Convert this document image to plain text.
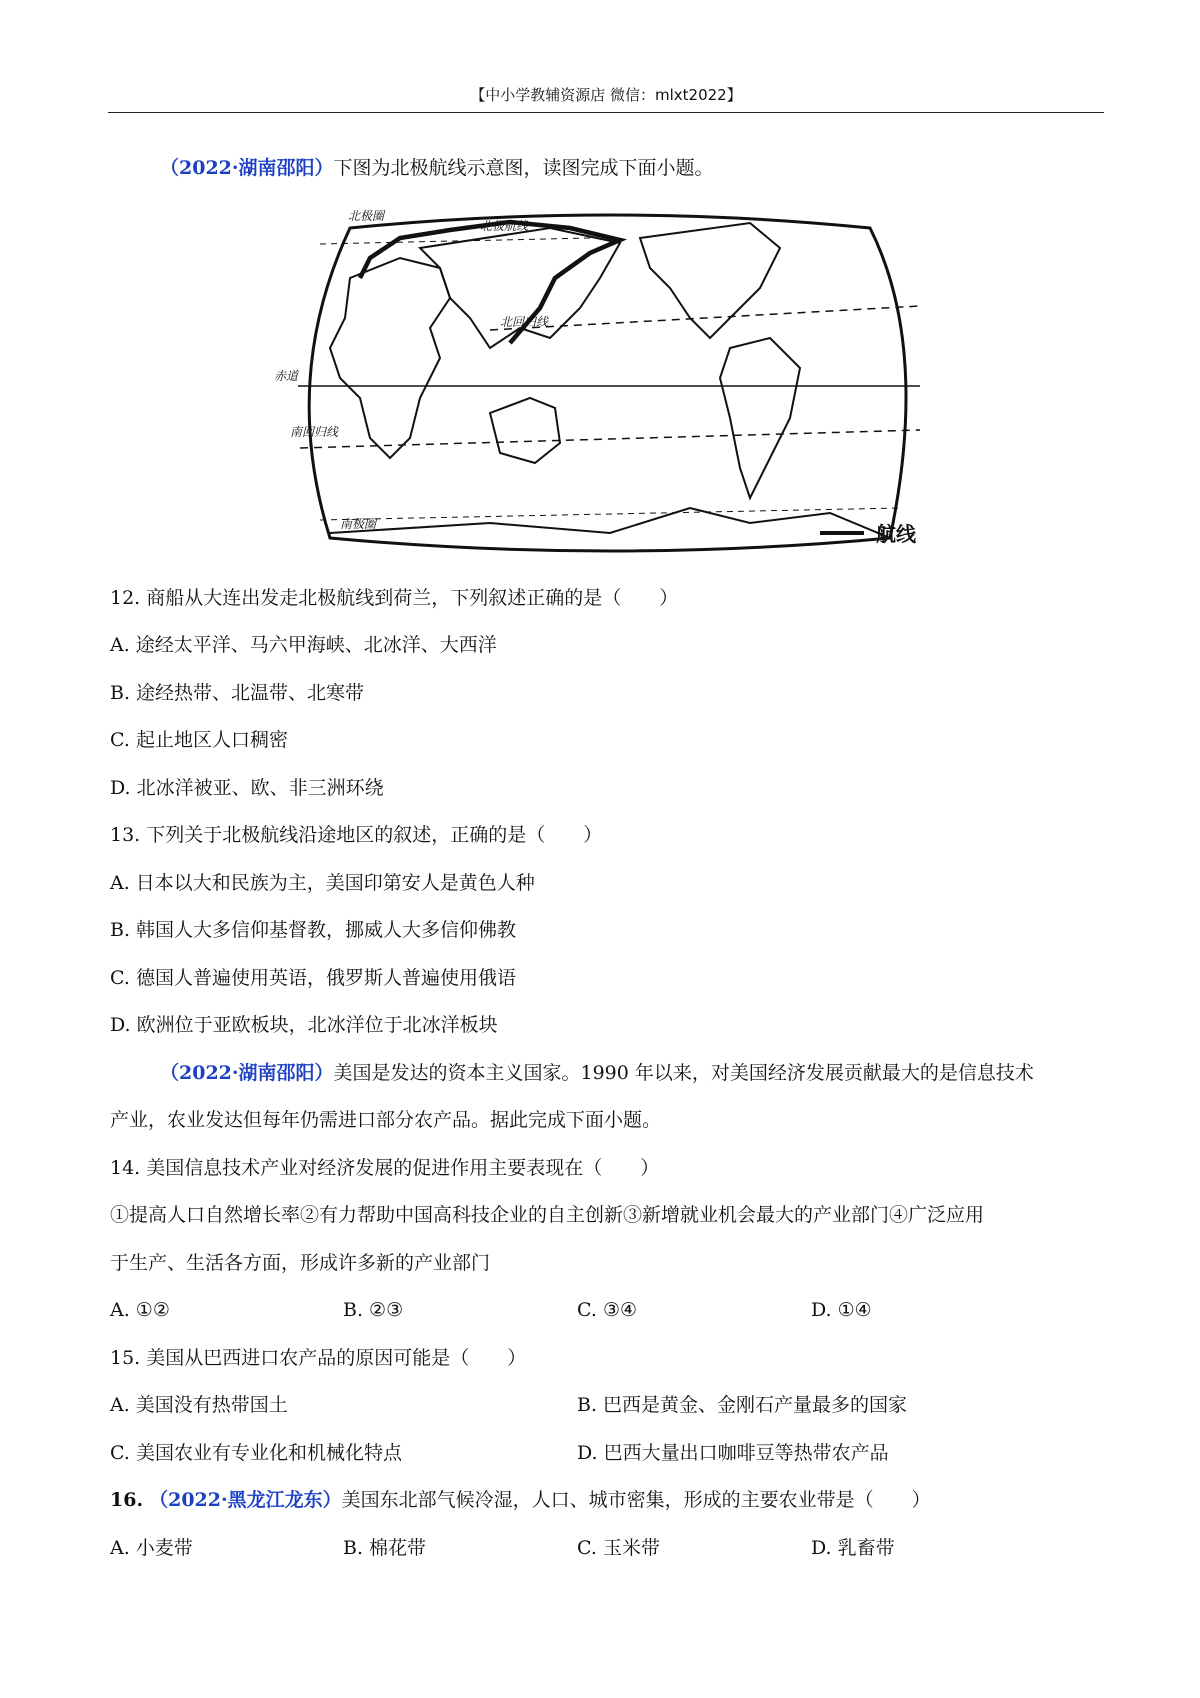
【中小学教辅资源店 微信：mlxt2022】
（2022·湖南邵阳）下图为北极航线示意图，读图完成下面小题。
北极航线
北回归线
赤道
南回归线
南极圈
北极圈
航线
12. 商船从大连出发走北极航线到荷兰，下列叙述正确的是（　　）
A. 途经太平洋、马六甲海峡、北冰洋、大西洋
B. 途经热带、北温带、北寒带
C. 起止地区人口稠密
D. 北冰洋被亚、欧、非三洲环绕
13. 下列关于北极航线沿途地区的叙述，正确的是（　　）
A. 日本以大和民族为主，美国印第安人是黄色人种
B. 韩国人大多信仰基督教，挪威人大多信仰佛教
C. 德国人普遍使用英语，俄罗斯人普遍使用俄语
D. 欧洲位于亚欧板块，北冰洋位于北冰洋板块
（2022·湖南邵阳）美国是发达的资本主义国家。1990 年以来，对美国经济发展贡献最大的是信息技术
产业，农业发达但每年仍需进口部分农产品。据此完成下面小题。
14. 美国信息技术产业对经济发展的促进作用主要表现在（　　）
①提高人口自然增长率②有力帮助中国高科技企业的自主创新③新增就业机会最大的产业部门④广泛应用
于生产、生活各方面，形成许多新的产业部门
A. ①②	B. ②③	C. ③④	D. ①④
15. 美国从巴西进口农产品的原因可能是（　　）
A. 美国没有热带国土	B. 巴西是黄金、金刚石产量最多的国家
C. 美国农业有专业化和机械化特点	D. 巴西大量出口咖啡豆等热带农产品
16. （2022·黑龙江龙东）美国东北部气候冷湿，人口、城市密集，形成的主要农业带是（　　）
A. 小麦带	B. 棉花带	C. 玉米带	D. 乳畜带
